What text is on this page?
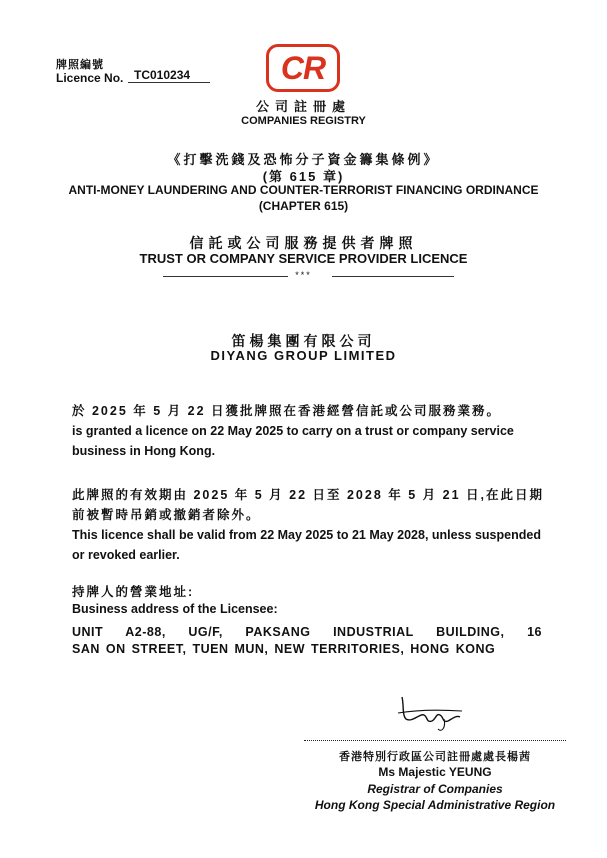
牌照編號
Licence No. TC010234	CR
公司註冊處
COMPANIES REGISTRY
《打擊洗錢及恐怖分子資金籌集條例》
(第 615 章)
ANTI-MONEY LAUNDERING AND COUNTER-TERRORIST FINANCING ORDINANCE
(CHAPTER 615)
信託或公司服務提供者牌照
TRUST OR COMPANY SERVICE PROVIDER LICENCE
***
笛楊集團有限公司
DIYANG GROUP LIMITED
於 2025 年 5 月 22 日獲批牌照在香港經營信託或公司服務業務。
is granted a licence on 22 May 2025 to carry on a trust or company service business in Hong Kong.
此牌照的有效期由 2025 年 5 月 22 日至 2028 年 5 月 21 日,在此日期前被暫時吊銷或撤銷者除外。
This licence shall be valid from 22 May 2025 to 21 May 2028, unless suspended or revoked earlier.
持牌人的營業地址:
Business address of the Licensee:
UNIT A2-88, UG/F, PAKSANG INDUSTRIAL BUILDING, 16
SAN ON STREET, TUEN MUN, NEW TERRITORIES, HONG KONG
香港特別行政區公司註冊處處長楊茜
Ms Majestic YEUNG
Registrar of Companies
Hong Kong Special Administrative Region
